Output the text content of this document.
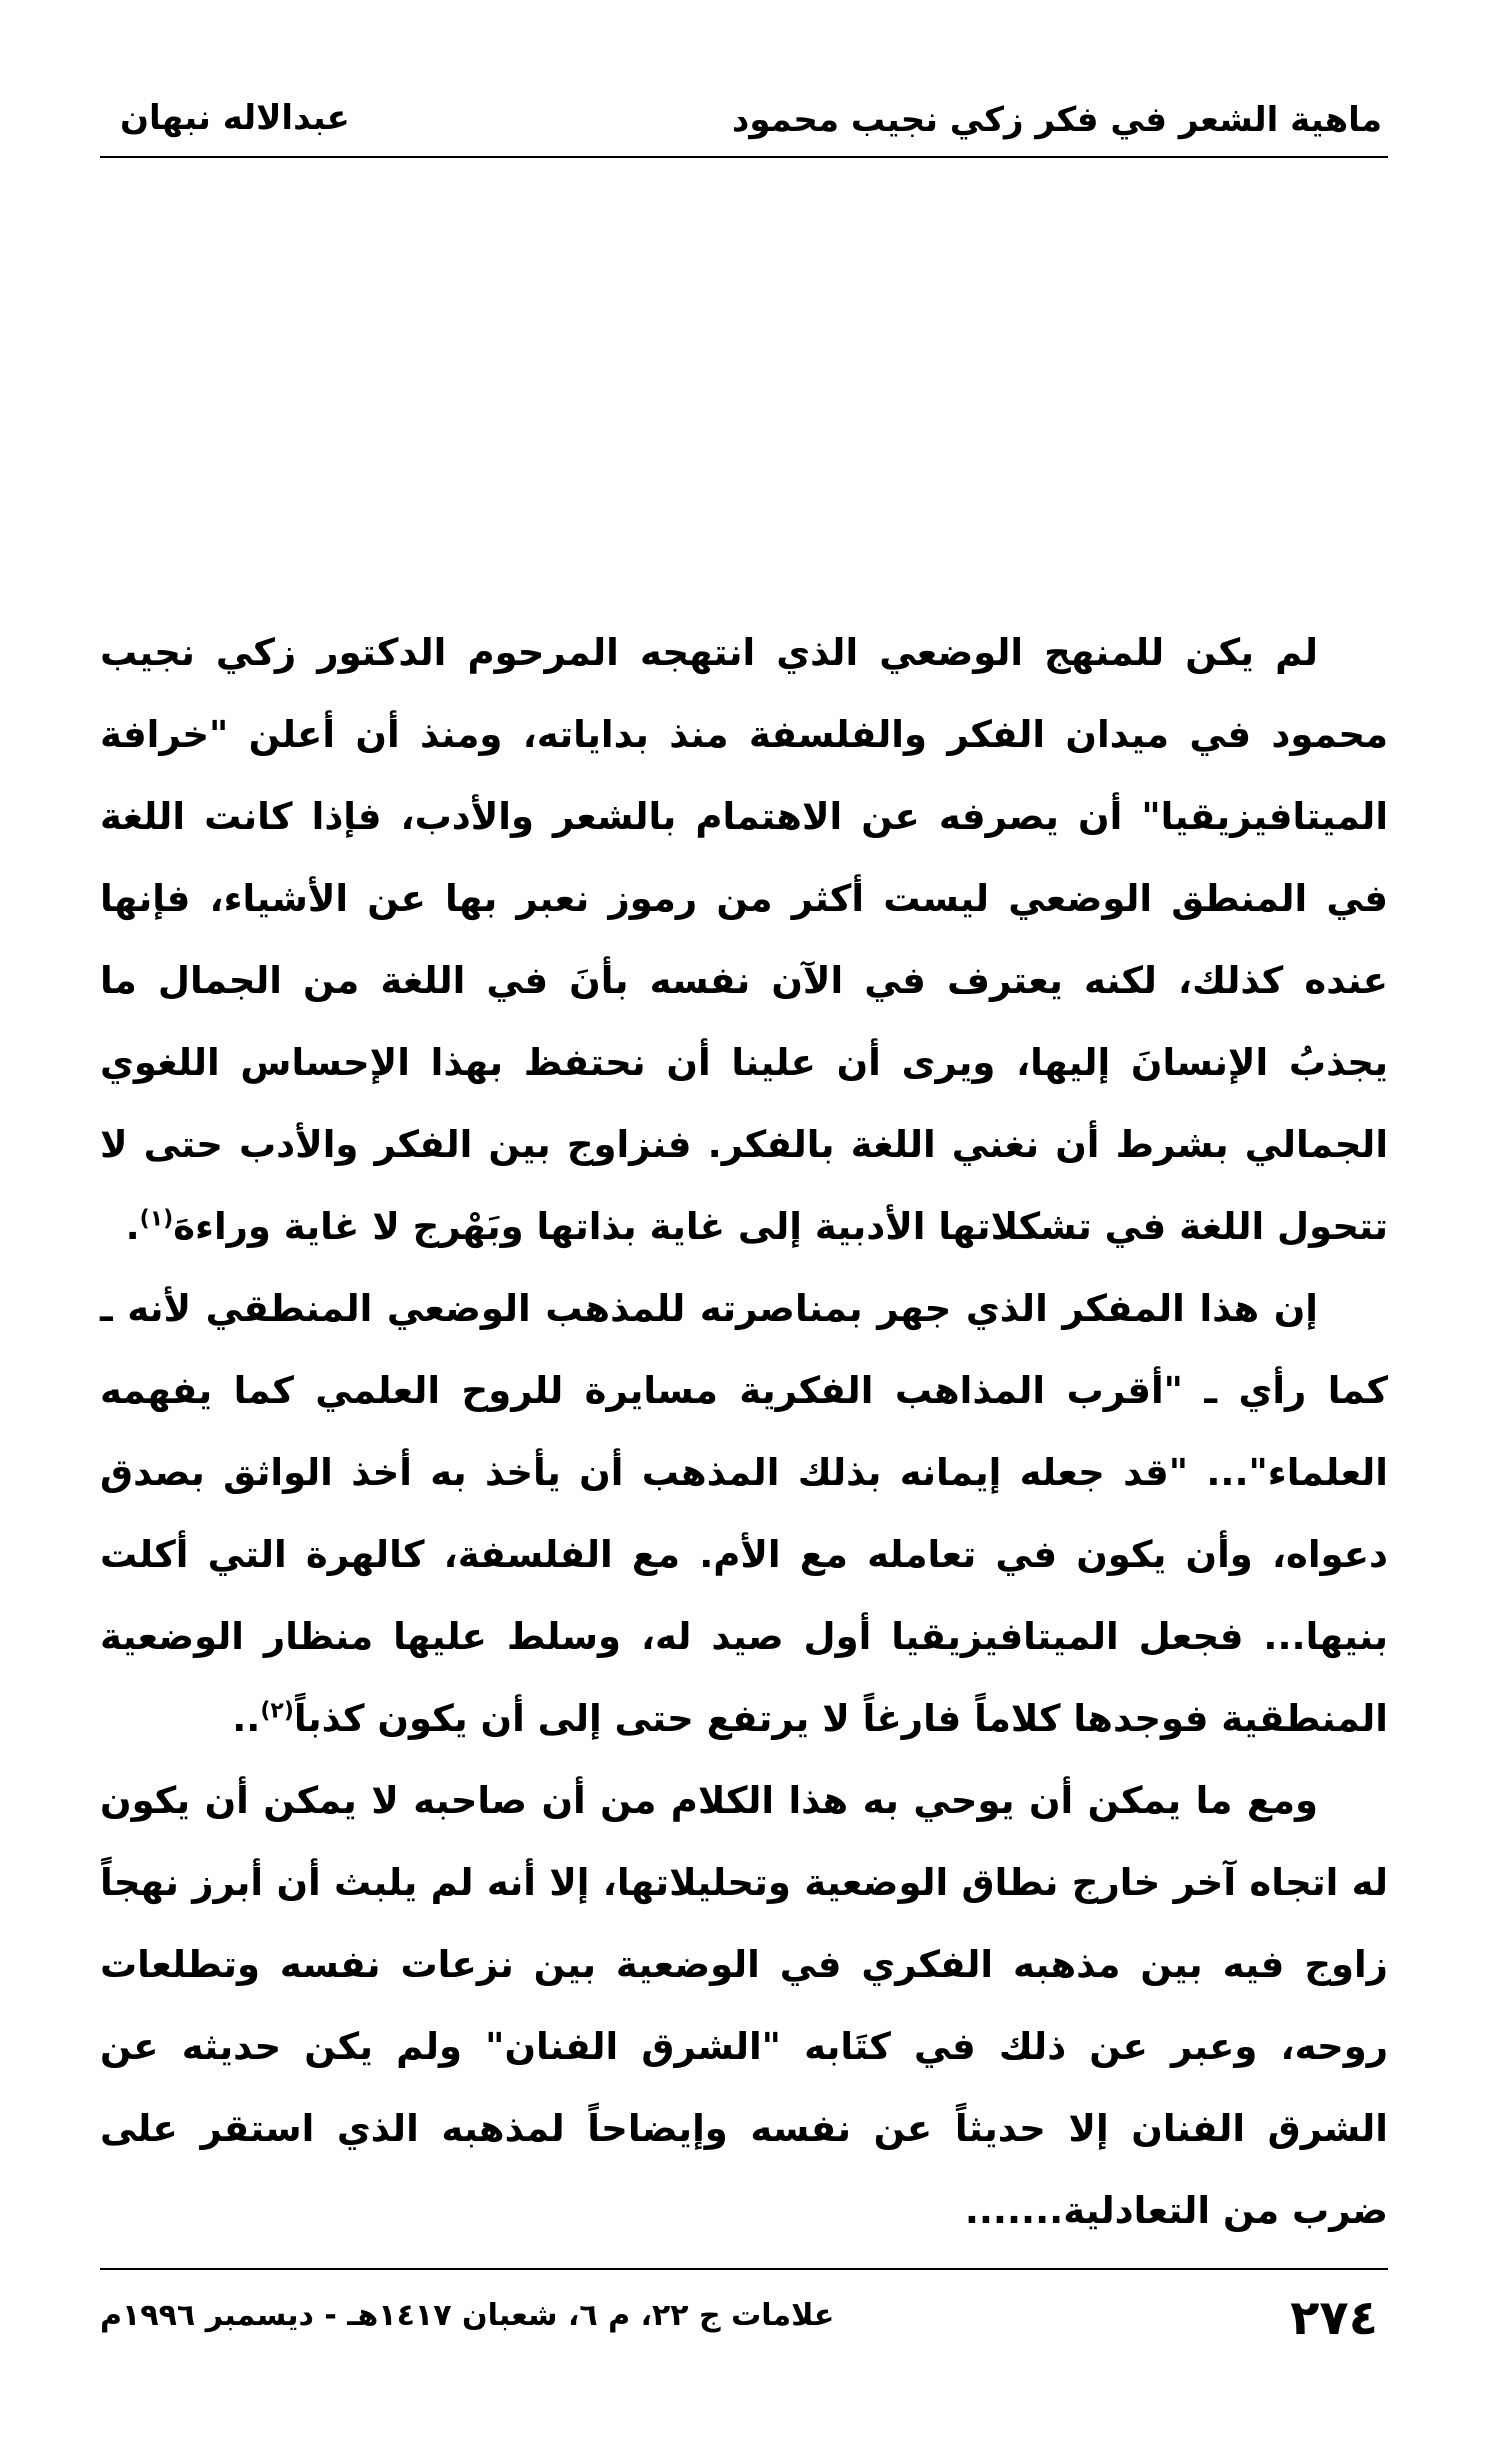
ماهية الشعر في فكر زكي نجيب محمود
عبدالاله نبهان

لم يكن للمنهج الوضعي الذي انتهجه المرحوم الدكتور زكي نجيب محمود في ميدان الفكر والفلسفة منذ بداياته، ومنذ أن أعلن "خرافة الميتافيزيقيا" أن يصرفه عن الاهتمام بالشعر والأدب، فإذا كانت اللغة في المنطق الوضعي ليست أكثر من رموز نعبر بها عن الأشياء، فإنها عنده كذلك، لكنه يعترف في الآن نفسه بأنَ في اللغة من الجمال ما يجذبُ الإنسانَ إليها، ويرى أن علينا أن نحتفظ بهذا الإحساس اللغوي الجمالي بشرط أن نغني اللغة بالفكر. فنزاوج بين الفكر والأدب حتى لا تتحول اللغة في تشكلاتها الأدبية إلى غاية بذاتها وبَهْرج لا غاية وراءهَ$^{(١)}$.

إن هذا المفكر الذي جهر بمناصرته للمذهب الوضعي المنطقي لأنه ـ كما رأي ـ "أقرب المذاهب الفكرية مسايرة للروح العلمي كما يفهمه العلماء"... "قد جعله إيمانه بذلك المذهب أن يأخذ به أخذ الواثق بصدق دعواه، وأن يكون في تعامله مع الأم. مع الفلسفة، كالهرة التي أكلت بنيها... فجعل الميتافيزيقيا أول صيد له، وسلط عليها منظار الوضعية المنطقية فوجدها كلاماً فارغاً لا يرتفع حتى إلى أن يكون كذباً$^{(٢)}$..

ومع ما يمكن أن يوحي به هذا الكلام من أن صاحبه لا يمكن أن يكون له اتجاه آخر خارج نطاق الوضعية وتحليلاتها، إلا أنه لم يلبث أن أبرز نهجاً زاوج فيه بين مذهبه الفكري في الوضعية بين نزعات نفسه وتطلعات روحه، وعبر عن ذلك في كتَابه "الشرق الفنان" ولم يكن حديثه عن الشرق الفنان إلا حديثاً عن نفسه وإيضاحاً لمذهبه الذي استقر على ضرب من التعادلية.......

٢٧٤
علامات ج ٢٢، م ٦، شعبان ١٤١٧هـ - ديسمبر ١٩٩٦م
